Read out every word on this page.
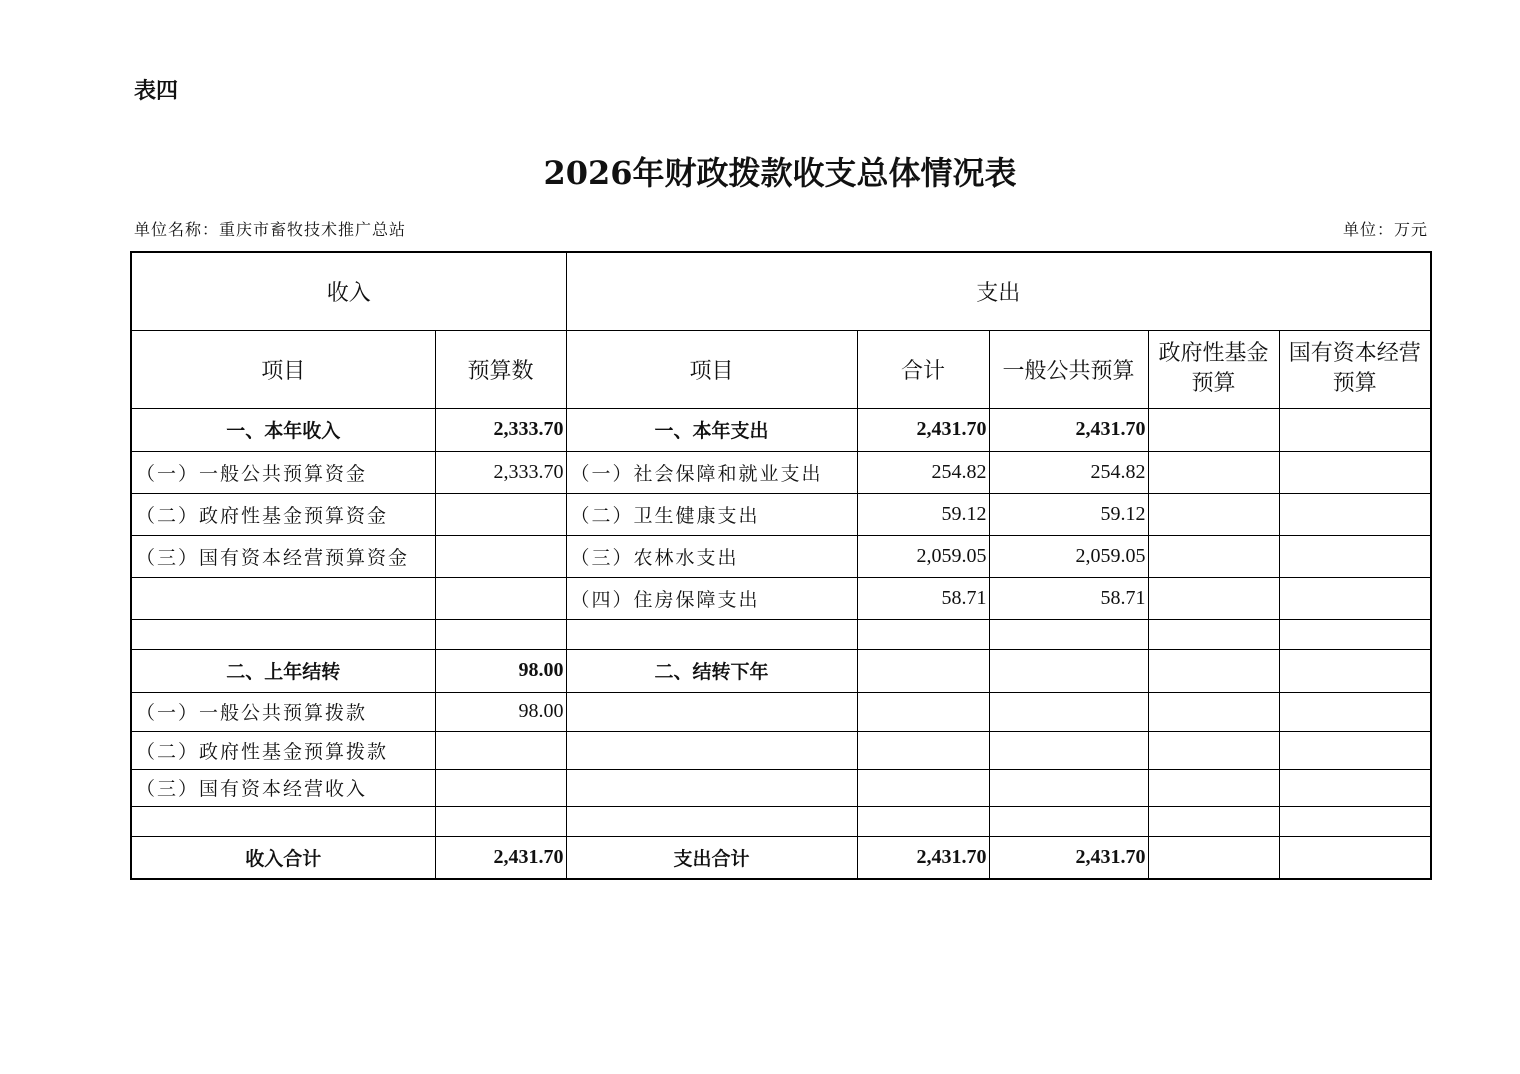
表四
2026年财政拨款收支总体情况表
单位名称：重庆市畜牧技术推广总站	单位：万元
收入		支出				
项目	预算数	项目	合计	一般公共预算	政府性基金预算	国有资本经营预算
一、本年收入	2,333.70	一、本年支出	2,431.70	2,431.70		
（一）一般公共预算资金	2,333.70	（一）社会保障和就业支出	254.82	254.82		
（二）政府性基金预算资金		（二）卫生健康支出	59.12	59.12		
（三）国有资本经营预算资金		（三）农林水支出	2,059.05	2,059.05		
		（四）住房保障支出	58.71	58.71		

二、上年结转	98.00	二、结转下年				
（一）一般公共预算拨款	98.00					
（二）政府性基金预算拨款						
（三）国有资本经营收入						

收入合计	2,431.70	支出合计	2,431.70	2,431.70		
